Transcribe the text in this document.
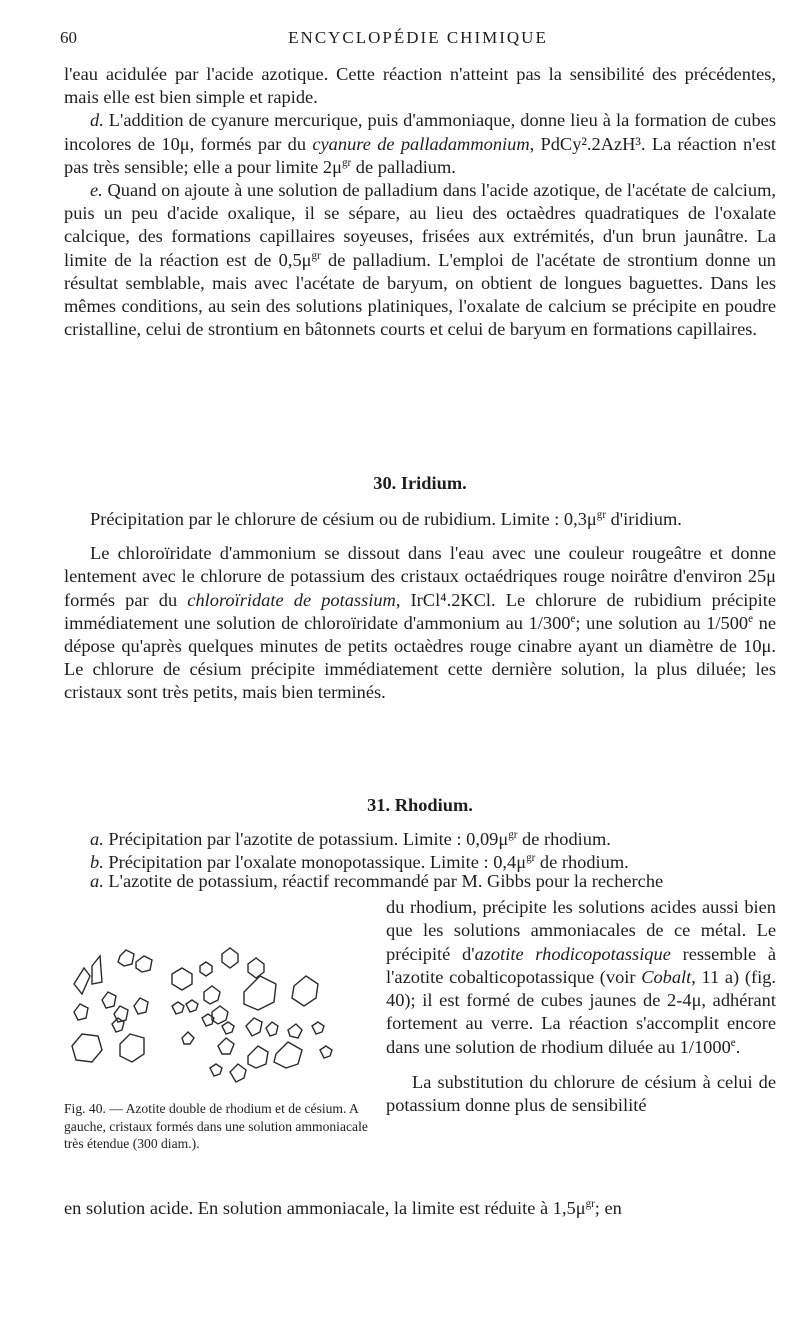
60	ENCYCLOPÉDIE CHIMIQUE

l'eau acidulée par l'acide azotique. Cette réaction n'atteint pas la sensibilité des précédentes, mais elle est bien simple et rapide.

d. L'addition de cyanure mercurique, puis d'ammoniaque, donne lieu à la formation de cubes incolores de 10μ, formés par du cyanure de palladammonium, PdCy².2AzH³. La réaction n'est pas très sensible; elle a pour limite $2\mu^{gr}$ de palladium.

e. Quand on ajoute à une solution de palladium dans l'acide azotique, de l'acétate de calcium, puis un peu d'acide oxalique, il se sépare, au lieu des octaèdres quadratiques de l'oxalate calcique, des formations capillaires soyeuses, frisées aux extrémités, d'un brun jaunâtre. La limite de la réaction est de $0,5\mu^{gr}$ de palladium. L'emploi de l'acétate de strontium donne un résultat semblable, mais avec l'acétate de baryum, on obtient de longues baguettes. Dans les mêmes conditions, au sein des solutions platiniques, l'oxalate de calcium se précipite en poudre cristalline, celui de strontium en bâtonnets courts et celui de baryum en formations capillaires.

30. Iridium.

Précipitation par le chlorure de césium ou de rubidium. Limite : $0,3\mu^{gr}$ d'iridium.

Le chloroïridate d'ammonium se dissout dans l'eau avec une couleur rougeâtre et donne lentement avec le chlorure de potassium des cristaux octaédriques rouge noirâtre d'environ 25μ formés par du chloroïridate de potassium, IrCl⁴.2KCl. Le chlorure de rubidium précipite immédiatement une solution de chloroïridate d'ammonium au 1/300e; une solution au 1/500e ne dépose qu'après quelques minutes de petits octaèdres rouge cinabre ayant un diamètre de 10μ. Le chlorure de césium précipite immédiatement cette dernière solution, la plus diluée; les cristaux sont très petits, mais bien terminés.

31. Rhodium.

a. Précipitation par l'azotite de potassium. Limite : $0,09\mu^{gr}$ de rhodium.

b. Précipitation par l'oxalate monopotassique. Limite : $0,4\mu^{gr}$ de rhodium.

a. L'azotite de potassium, réactif recommandé par M. Gibbs pour la recherche

Fig. 40. — Azotite double de rhodium et de césium. A gauche, cristaux formés dans une solution ammoniacale très étendue (300 diam.).

du rhodium, précipite les solutions acides aussi bien que les solutions ammoniacales de ce métal. Le précipité d'azotite rhodicopotassique ressemble à l'azotite cobalticopotassique (voir Cobalt, 11 a) (fig. 40); il est formé de cubes jaunes de 2-4μ, adhérant fortement au verre. La réaction s'accomplit encore dans une solution de rhodium diluée au 1/1000e.

La substitution du chlorure de césium à celui de potassium donne plus de sensibilité

en solution acide. En solution ammoniacale, la limite est réduite à $1,5\mu^{gr}$; en
